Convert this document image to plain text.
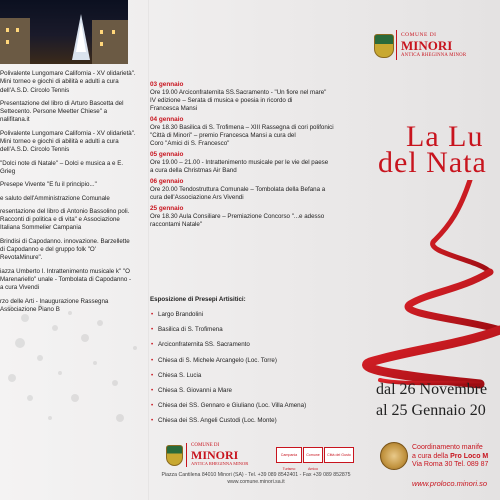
Polivalente Lungomare California - XV olidarietà". Mini torneo e giochi di abilità e adulti a cura dell'A.S.D. Circolo Tennis
Presentazione del libro di Arturo Bascetta del Settecento. Persone Meetter Chiese" a nalifitana.it
Polivalente Lungomare California - XV olidarietà". Mini torneo e giochi di abilità e adulti a cura dell'A.S.D. Circolo Tennis
"Dolci note di Natale" – Dolci e musica a e E. Grieg
Presepe Vivente "E fu il principio..."
e saluto dell'Amministrazione Comunale
resentazione del libro di Antonio Bassolino poli. Racconti di politica e di vita" e Associazione Italiana Sommelier Campania
Brindisi di Capodanno. innovazione. Barzellette di Capodanno e del gruppo folk "O' RevotaMinure".
iazza Umberto I. Intrattenimento musicale k" "O Marenariello" unale - Tombolata di Capodanno - a cura Vivendi
rzo delle Arti - Inaugurazione Rassegna Associazione Piano B
03 gennaio
Ore 19.00 Arciconfraternita SS.Sacramento - "Un fiore nel mare"
IV edizione – Serata di musica e poesia in ricordo di
Francesca Mansi
04 gennaio
Ore 18.30 Basilica di S. Trofimena – XIII Rassegna di cori polifonici
"Città di Minori" – premio Francesca Mansi a cura del
Coro "Amici di S. Francesco"
05 gennaio
Ore 19.00 – 21.00 - Intrattenimento musicale per le vie del paese
a cura della Christmas Air Band
06 gennaio
Ore 20.00 Tendostruttura Comunale – Tombolata della Befana a
cura dell'Associazione Ars Vivendi
25 gennaio
Ore 18.30 Aula Consiliare – Premiazione Concorso "...e adesso
raccontami Natale"
Esposizione di Presepi Artisitici:
• Largo Brandolini
• Basilica di S. Trofimena
• Arciconfraternita SS. Sacramento
• Chiesa di S. Michele Arcangelo (Loc. Torre)
• Chiesa S. Lucia
• Chiesa S. Giovanni a Mare
• Chiesa dei SS. Gennaro e Giuliano (Loc. Villa Amena)
• Chiesa dei SS. Angeli Custodi (Loc. Monte)
COMUNE DI
MINORI
ANTICA RHEGINNA MINOR
La Lu
del Nata
dal 26 Novembre
al 25 Gennaio 20
COMUNE DI
MINORI
ANTICA RHEGINNA MINOR
Campania Turismo
Comune Amico
Città del Gusto
Piazza Cantilena 84010 Minori (SA) - Tel. +39 089 8542401 - Fax +39 089 852875
www.comune.minori.sa.it
Coordinamento manife
a cura della Pro Loco M
Via Roma 30 Tel. 089 87
www.proloco.minori.so
